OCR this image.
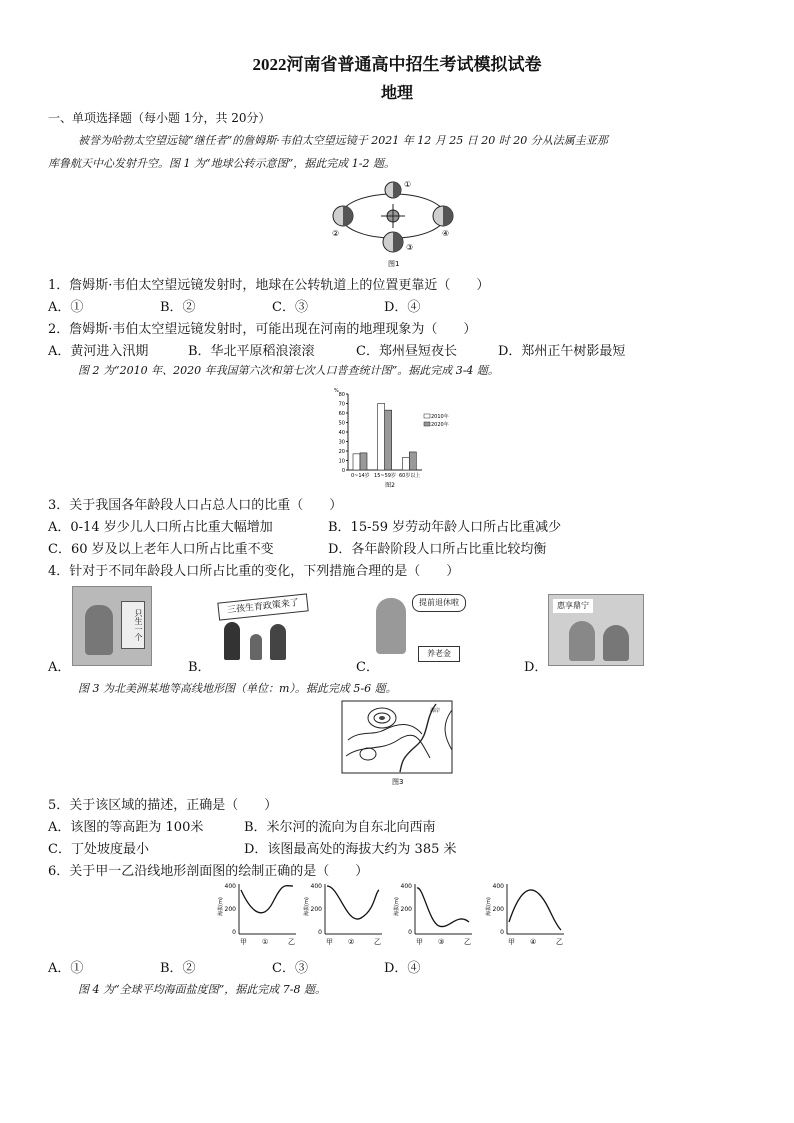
2022河南省普通高中招生考试模拟试卷
地理
一、单项选择题（每小题 1分，共 20分）
被誉为哈勃太空望远镜“继任者”的詹姆斯·韦伯太空望远镜于 2021 年 12 月 25 日 20 时 20 分从法属圭亚那
库鲁航天中心发射升空。图 1 为“地球公转示意图”，据此完成 1-2 题。
①
②
③
④
图1
1．詹姆斯·韦伯太空望远镜发射时，地球在公转轨道上的位置更靠近（　　）
A．①	B．②	C．③	D．④
2．詹姆斯·韦伯太空望远镜发射时，可能出现在河南的地理现象为（　　）
A．黄河进入汛期	B．华北平原稻浪滚滚	C．郑州昼短夜长	D．郑州正午树影最短
图 2 为“2010 年、2020 年我国第六次和第七次人口普查统计图”。据此完成 3-4 题。
0
10
20
30
40
50
60
70
80
%
0~14岁 15~59岁 60岁以上
2010年
2020年
图2
3．关于我国各年龄段人口占总人口的比重（　　）
A．0-14 岁少儿人口所占比重大幅增加	B．15-59 岁劳动年龄人口所占比重减少
C．60 岁及以上老年人口所占比重不变	D．各年龄阶段人口所占比重比较均衡
4．针对于不同年龄段人口所占比重的变化，下列措施合理的是（　　）
只生一个
三孩生育政策来了	提前退休啦
养老金
惠享鼎宁
A．	B．	C．	D．
图 3 为北美洲某地等高线地形图（单位：m）。据此完成 5-6 题。
海岸
图3
5．关于该区域的描述，正确是（　　）
A．该图的等高距为 100米	B．米尔河的流向为自东北向西南
C．丁处坡度最小	D．该图最高处的海拔大约为 385 米
6．关于甲一乙沿线地形剖面图的绘制正确的是（　　）
海拔(m)
400
200
0
甲 ①	乙
海拔(m)
400
200
0
甲 ②	乙
海拔(m)
400
200
0
甲 ③	乙
海拔(m)
400
200
0
甲 ④	乙
A．①	B．②	C．③	D．④
图 4 为“全球平均海面盐度图”，据此完成 7-8 题。
